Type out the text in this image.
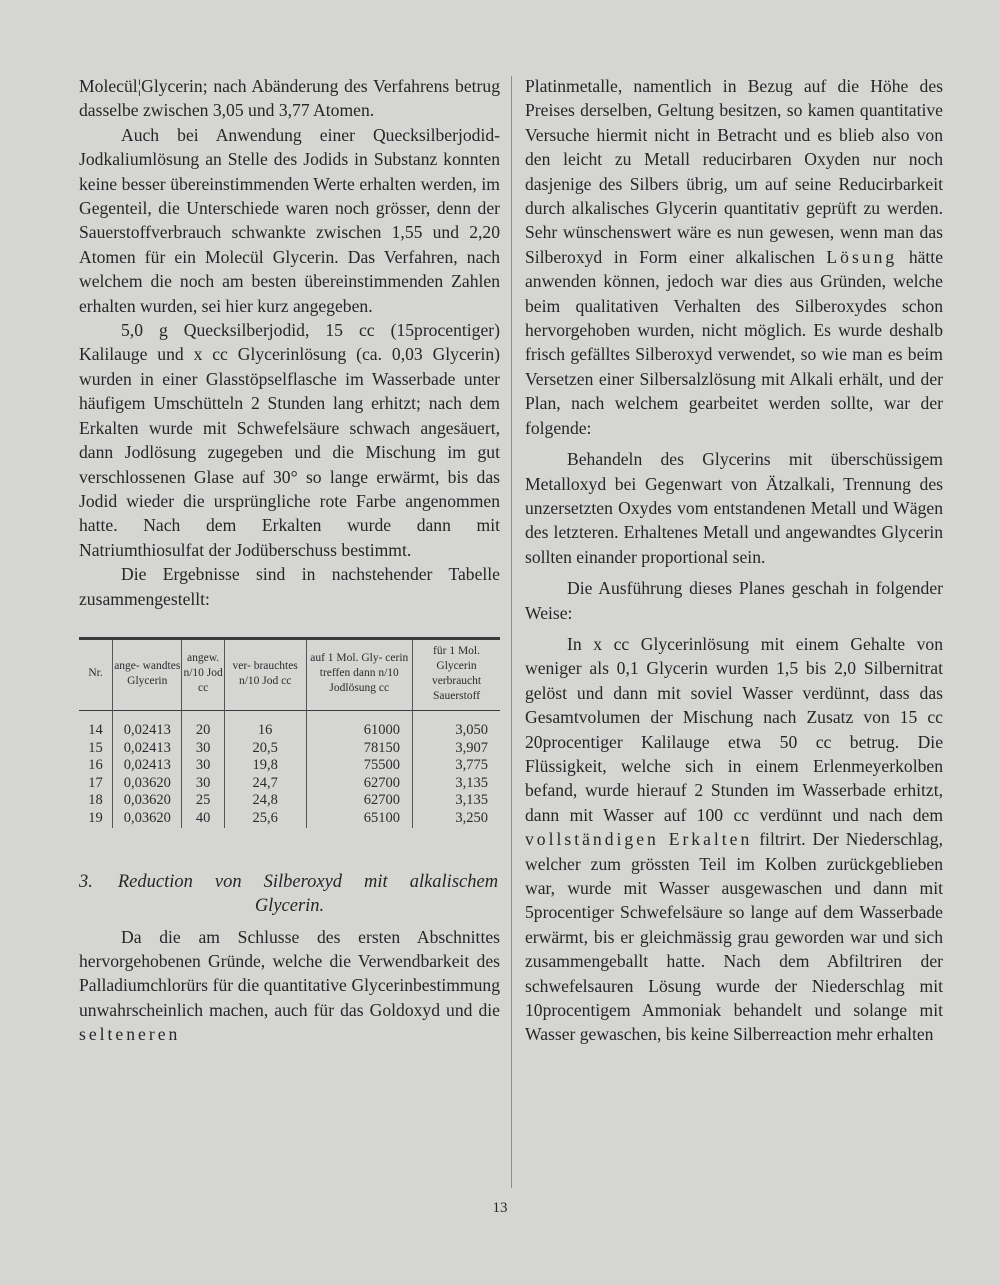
Molecül¦Glycerin; nach Abänderung des Verfahrens betrug dasselbe zwischen 3,05 und 3,77 Atomen.

Auch bei Anwendung einer Quecksilberjodid-Jodkaliumlösung an Stelle des Jodids in Substanz konnten keine besser übereinstimmenden Werte erhalten werden, im Gegenteil, die Unterschiede waren noch grösser, denn der Sauerstoffverbrauch schwankte zwischen 1,55 und 2,20 Atomen für ein Molecül Glycerin. Das Verfahren, nach welchem die noch am besten übereinstimmenden Zahlen erhalten wurden, sei hier kurz angegeben.

5,0 g Quecksilberjodid, 15 cc (15procentiger) Kalilauge und x cc Glycerinlösung (ca. 0,03 Glycerin) wurden in einer Glasstöpselflasche im Wasserbade unter häufigem Umschütteln 2 Stunden lang erhitzt; nach dem Erkalten wurde mit Schwefelsäure schwach angesäuert, dann Jodlösung zugegeben und die Mischung im gut verschlossenen Glase auf 30° so lange erwärmt, bis das Jodid wieder die ursprüngliche rote Farbe angenommen hatte. Nach dem Erkalten wurde dann mit Natriumthiosulfat der Jodüberschuss bestimmt.

Die Ergebnisse sind in nachstehender Tabelle zusammengestellt:

Nr.	ange- wandtes Glycerin	angew. n/10 Jod cc	ver- brauchtes n/10 Jod cc	auf 1 Mol. Gly- cerin treffen dann n/10 Jodlösung cc	für 1 Mol. Glycerin verbraucht Sauerstoff
14	0,02413	20	16	61000	3,050
15	0,02413	30	20,5	78150	3,907
16	0,02413	30	19,8	75500	3,775
17	0,03620	30	24,7	62700	3,135
18	0,03620	25	24,8	62700	3,135
19	0,03620	40	25,6	65100	3,250
3. Reduction von Silberoxyd mit alkalischem
Glycerin.

Da die am Schlusse des ersten Abschnittes hervorgehobenen Gründe, welche die Verwendbarkeit des Palladiumchlorürs für die quantitative Glycerinbestimmung unwahrscheinlich machen, auch für das Goldoxyd und die selteneren

Platinmetalle, namentlich in Bezug auf die Höhe des Preises derselben, Geltung besitzen, so kamen quantitative Versuche hiermit nicht in Betracht und es blieb also von den leicht zu Metall reducirbaren Oxyden nur noch dasjenige des Silbers übrig, um auf seine Reducirbarkeit durch alkalisches Glycerin quantitativ geprüft zu werden. Sehr wünschenswert wäre es nun gewesen, wenn man das Silberoxyd in Form einer alkalischen Lösung hätte anwenden können, jedoch war dies aus Gründen, welche beim qualitativen Verhalten des Silberoxydes schon hervorgehoben wurden, nicht möglich. Es wurde deshalb frisch gefälltes Silberoxyd verwendet, so wie man es beim Versetzen einer Silbersalzlösung mit Alkali erhält, und der Plan, nach welchem gearbeitet werden sollte, war der folgende:

Behandeln des Glycerins mit überschüssigem Metalloxyd bei Gegenwart von Ätzalkali, Trennung des unzersetzten Oxydes vom entstandenen Metall und Wägen des letzteren. Erhaltenes Metall und angewandtes Glycerin sollten einander proportional sein.

Die Ausführung dieses Planes geschah in folgender Weise:

In x cc Glycerinlösung mit einem Gehalte von weniger als 0,1 Glycerin wurden 1,5 bis 2,0 Silbernitrat gelöst und dann mit soviel Wasser verdünnt, dass das Gesamtvolumen der Mischung nach Zusatz von 15 cc 20procentiger Kalilauge etwa 50 cc betrug. Die Flüssigkeit, welche sich in einem Erlenmeyerkolben befand, wurde hierauf 2 Stunden im Wasserbade erhitzt, dann mit Wasser auf 100 cc verdünnt und nach dem vollständigen Erkalten filtrirt. Der Niederschlag, welcher zum grössten Teil im Kolben zurückgeblieben war, wurde mit Wasser ausgewaschen und dann mit 5procentiger Schwefelsäure so lange auf dem Wasserbade erwärmt, bis er gleichmässig grau geworden war und sich zusammengeballt hatte. Nach dem Abfiltriren der schwefelsauren Lösung wurde der Niederschlag mit 10procentigem Ammoniak behandelt und solange mit Wasser gewaschen, bis keine Silberreaction mehr erhalten

13
